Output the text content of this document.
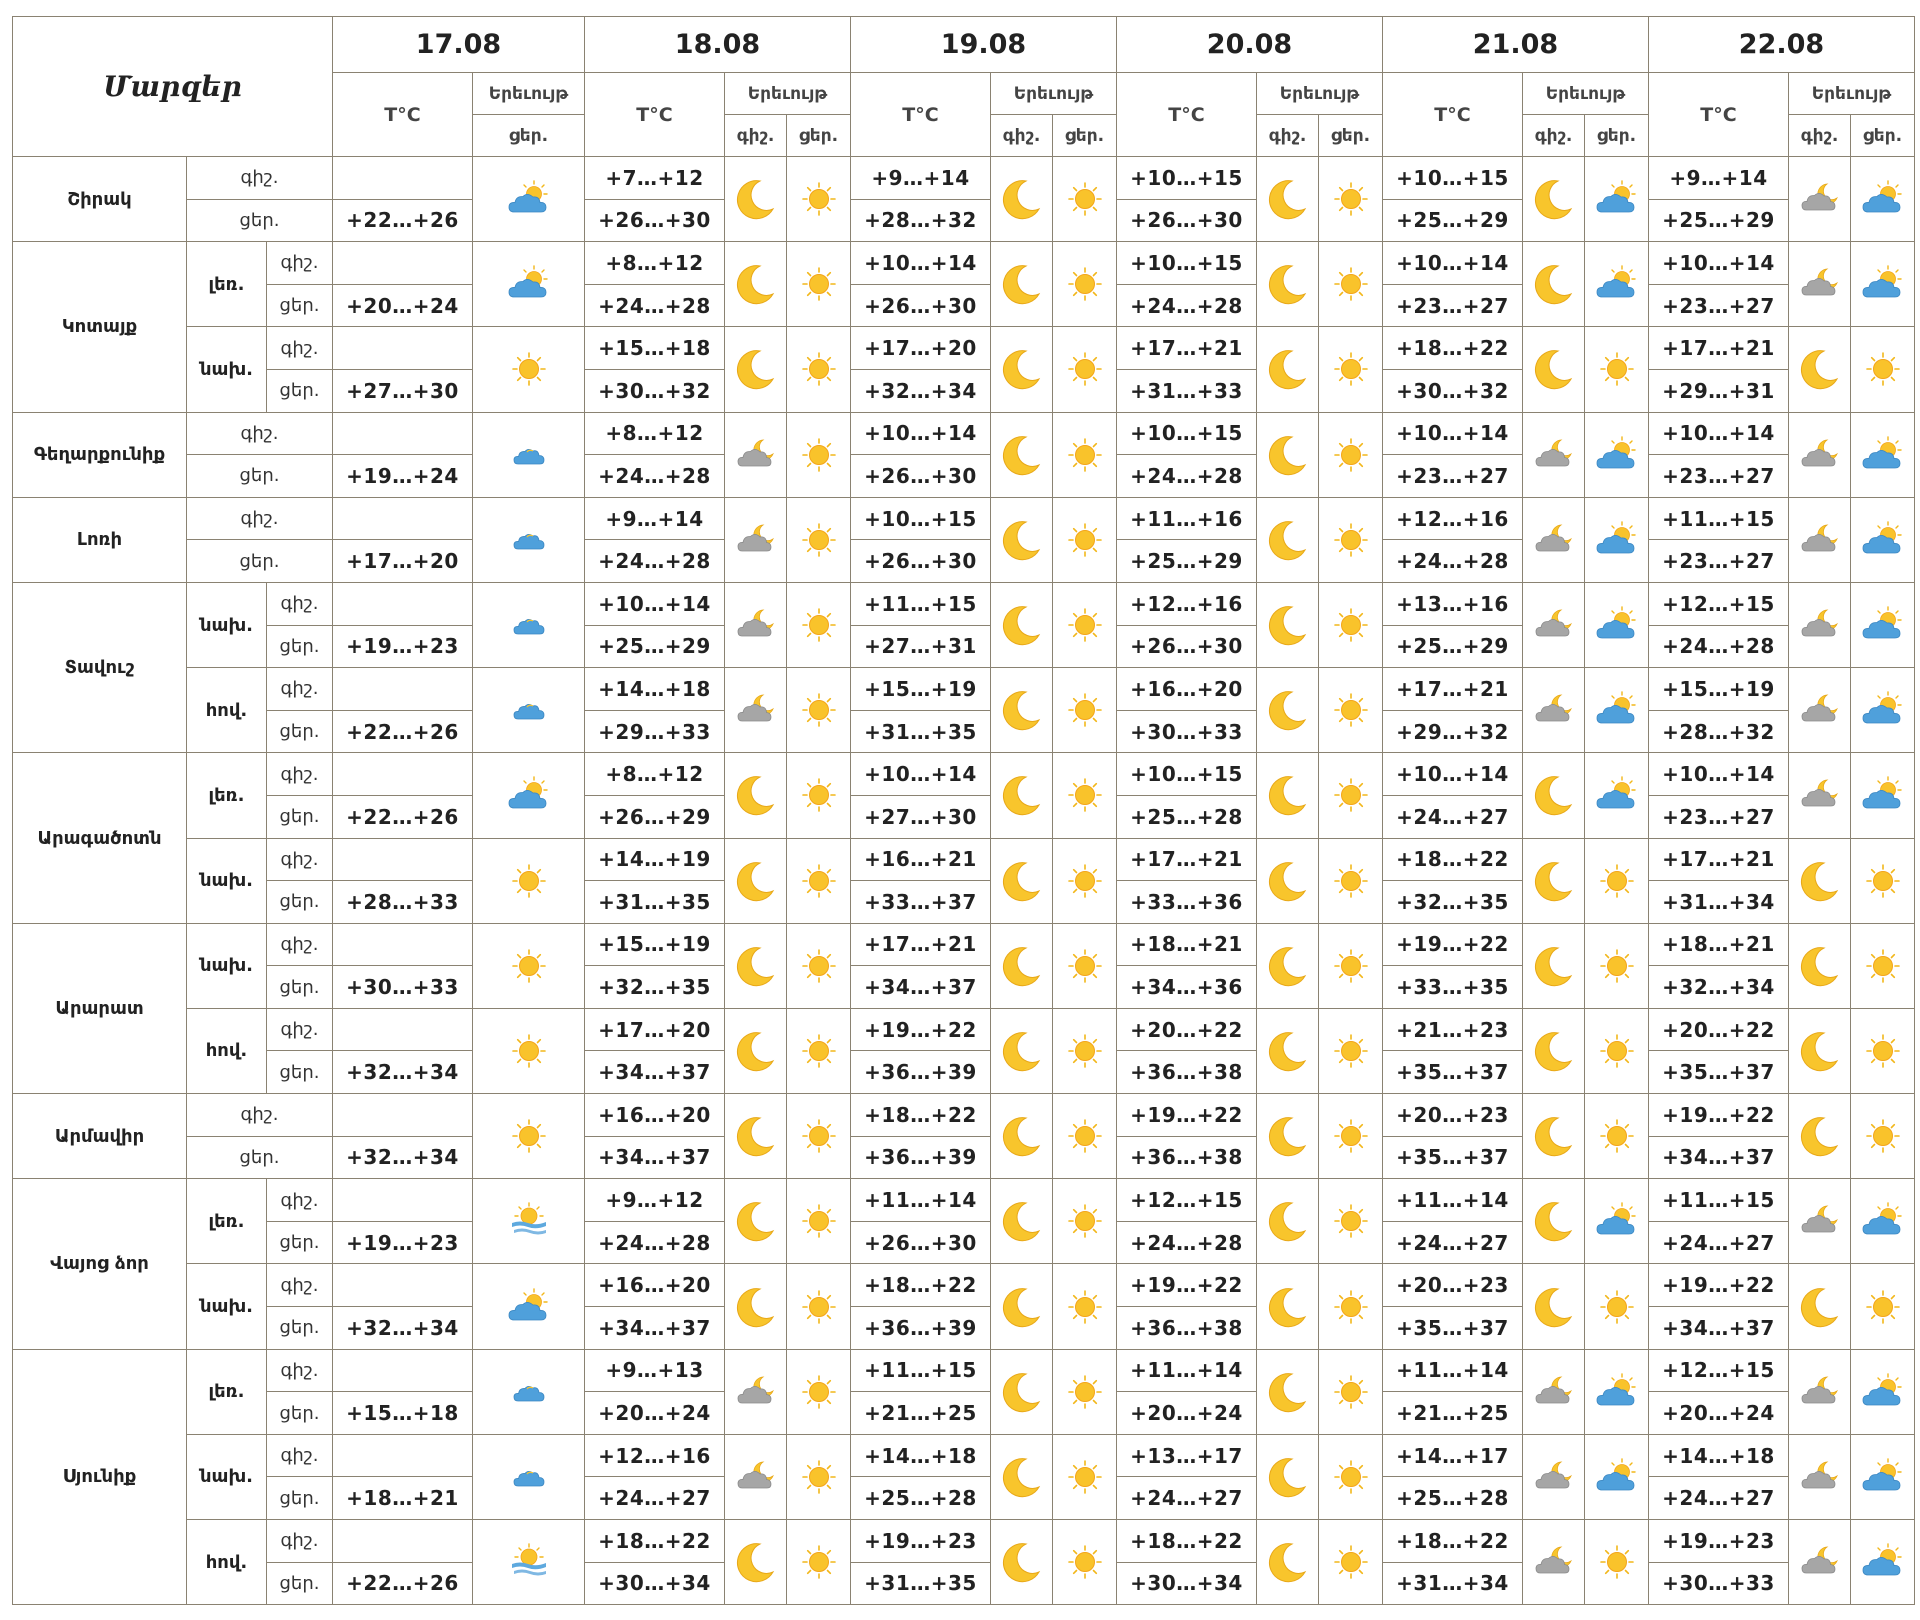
Մարզեր			17.08		18.08			19.08			20.08			21.08			22.08		
			T°C	Երեւույթ	T°C	Երեւույթ		T°C	Երեւույթ		T°C	Երեւույթ		T°C	Երեւույթ		T°C	Երեւույթ	
				ցեր.		գիշ.	ցեր.		գիշ.	ցեր.		գիշ.	ցեր.		գիշ.	ցեր.		գիշ.	ցեր.
Շիրակ	գիշ.				+7…+12			+9…+14			+10…+15			+10…+15			+9…+14	

	ցեր.		+22…+26		+26…+30			+28…+32			+26…+30			+25…+29			+25…+29		
Կոտայք	լեռ.	գիշ.			+8…+12			+10…+14			+10…+15			+10…+14			+10…+14	

		ցեր.	+20…+24		+24…+28			+26…+30			+24…+28			+23…+27			+23…+27		
	նախ.	գիշ.			+15…+18			+17…+20			+17…+21			+18…+22			+17…+21	

		ցեր.	+27…+30		+30…+32			+32…+34			+31…+33			+30…+32			+29…+31		
Գեղարքունիք	գիշ.				+8…+12			+10…+14			+10…+15			+10…+14			+10…+14	

	ցեր.		+19…+24		+24…+28			+26…+30			+24…+28			+23…+27			+23…+27		
Լոռի	գիշ.				+9…+14			+10…+15			+11…+16			+12…+16			+11…+15	

	ցեր.		+17…+20		+24…+28			+26…+30			+25…+29			+24…+28			+23…+27		
Տավուշ	նախ.	գիշ.			+10…+14			+11…+15			+12…+16			+13…+16			+12…+15	

		ցեր.	+19…+23		+25…+29			+27…+31			+26…+30			+25…+29			+24…+28		
	հով.	գիշ.			+14…+18			+15…+19			+16…+20			+17…+21			+15…+19	

		ցեր.	+22…+26		+29…+33			+31…+35			+30…+33			+29…+32			+28…+32		
Արագածոտն	լեռ.	գիշ.			+8…+12			+10…+14			+10…+15			+10…+14			+10…+14	

		ցեր.	+22…+26		+26…+29			+27…+30			+25…+28			+24…+27			+23…+27		
	նախ.	գիշ.			+14…+19			+16…+21			+17…+21			+18…+22			+17…+21	

		ցեր.	+28…+33		+31…+35			+33…+37			+33…+36			+32…+35			+31…+34		
Արարատ	նախ.	գիշ.			+15…+19			+17…+21			+18…+21			+19…+22			+18…+21	

		ցեր.	+30…+33		+32…+35			+34…+37			+34…+36			+33…+35			+32…+34		
	հով.	գիշ.			+17…+20			+19…+22			+20…+22			+21…+23			+20…+22	

		ցեր.	+32…+34		+34…+37			+36…+39			+36…+38			+35…+37			+35…+37		
Արմավիր	գիշ.				+16…+20			+18…+22			+19…+22			+20…+23			+19…+22	

	ցեր.		+32…+34		+34…+37			+36…+39			+36…+38			+35…+37			+34…+37		
Վայոց ձոր	լեռ.	գիշ.			+9…+12			+11…+14			+12…+15			+11…+14			+11…+15	

		ցեր.	+19…+23		+24…+28			+26…+30			+24…+28			+24…+27			+24…+27		
	նախ.	գիշ.			+16…+20			+18…+22			+19…+22			+20…+23			+19…+22	

		ցեր.	+32…+34		+34…+37			+36…+39			+36…+38			+35…+37			+34…+37		
Սյունիք	լեռ.	գիշ.			+9…+13			+11…+15			+11…+14			+11…+14			+12…+15	

		ցեր.	+15…+18		+20…+24			+21…+25			+20…+24			+21…+25			+20…+24		
	նախ.	գիշ.			+12…+16			+14…+18			+13…+17			+14…+17			+14…+18	

		ցեր.	+18…+21		+24…+27			+25…+28			+24…+27			+25…+28			+24…+27		
	հով.	գիշ.			+18…+22			+19…+23			+18…+22			+18…+22			+19…+23	

		ցեր.	+22…+26		+30…+34			+31…+35			+30…+34			+31…+34			+30…+33		
